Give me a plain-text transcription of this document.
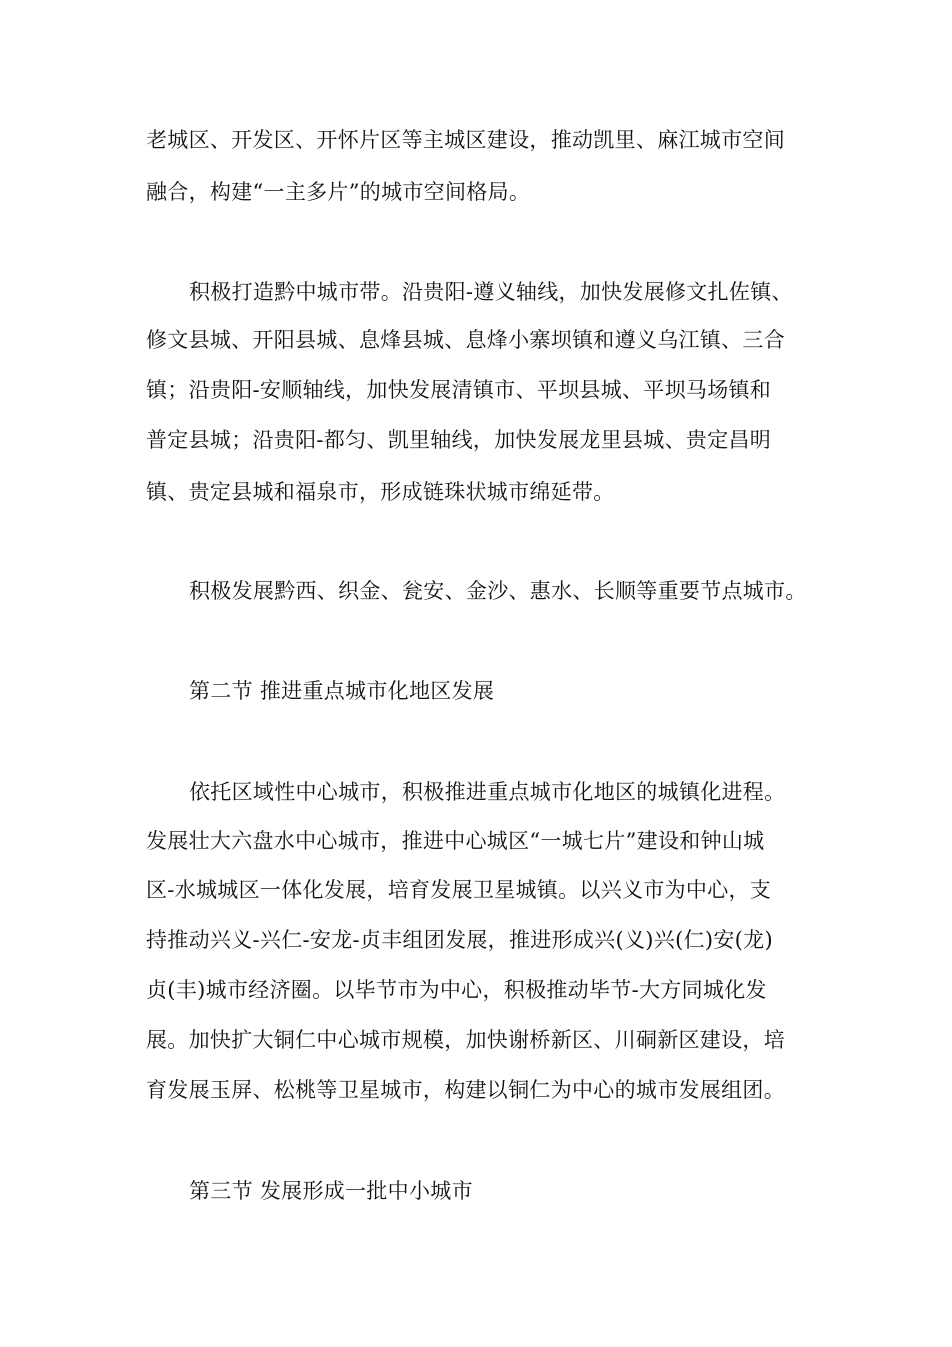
老城区、开发区、开怀片区等主城区建设，推动凯里、麻江城市空间
融合，构建“一主多片”的城市空间格局。
积极打造黔中城市带。沿贵阳-遵义轴线，加快发展修文扎佐镇、
修文县城、开阳县城、息烽县城、息烽小寨坝镇和遵义乌江镇、三合
镇；沿贵阳-安顺轴线，加快发展清镇市、平坝县城、平坝马场镇和
普定县城；沿贵阳-都匀、凯里轴线，加快发展龙里县城、贵定昌明
镇、贵定县城和福泉市，形成链珠状城市绵延带。
积极发展黔西、织金、瓮安、金沙、惠水、长顺等重要节点城市。
第二节 推进重点城市化地区发展
依托区域性中心城市，积极推进重点城市化地区的城镇化进程。
发展壮大六盘水中心城市，推进中心城区“一城七片”建设和钟山城
区-水城城区一体化发展，培育发展卫星城镇。以兴义市为中心，支
持推动兴义-兴仁-安龙-贞丰组团发展，推进形成兴(义)兴(仁)安(龙)
贞(丰)城市经济圈。以毕节市为中心，积极推动毕节-大方同城化发
展。加快扩大铜仁中心城市规模，加快谢桥新区、川硐新区建设，培
育发展玉屏、松桃等卫星城市，构建以铜仁为中心的城市发展组团。
第三节 发展形成一批中小城市
